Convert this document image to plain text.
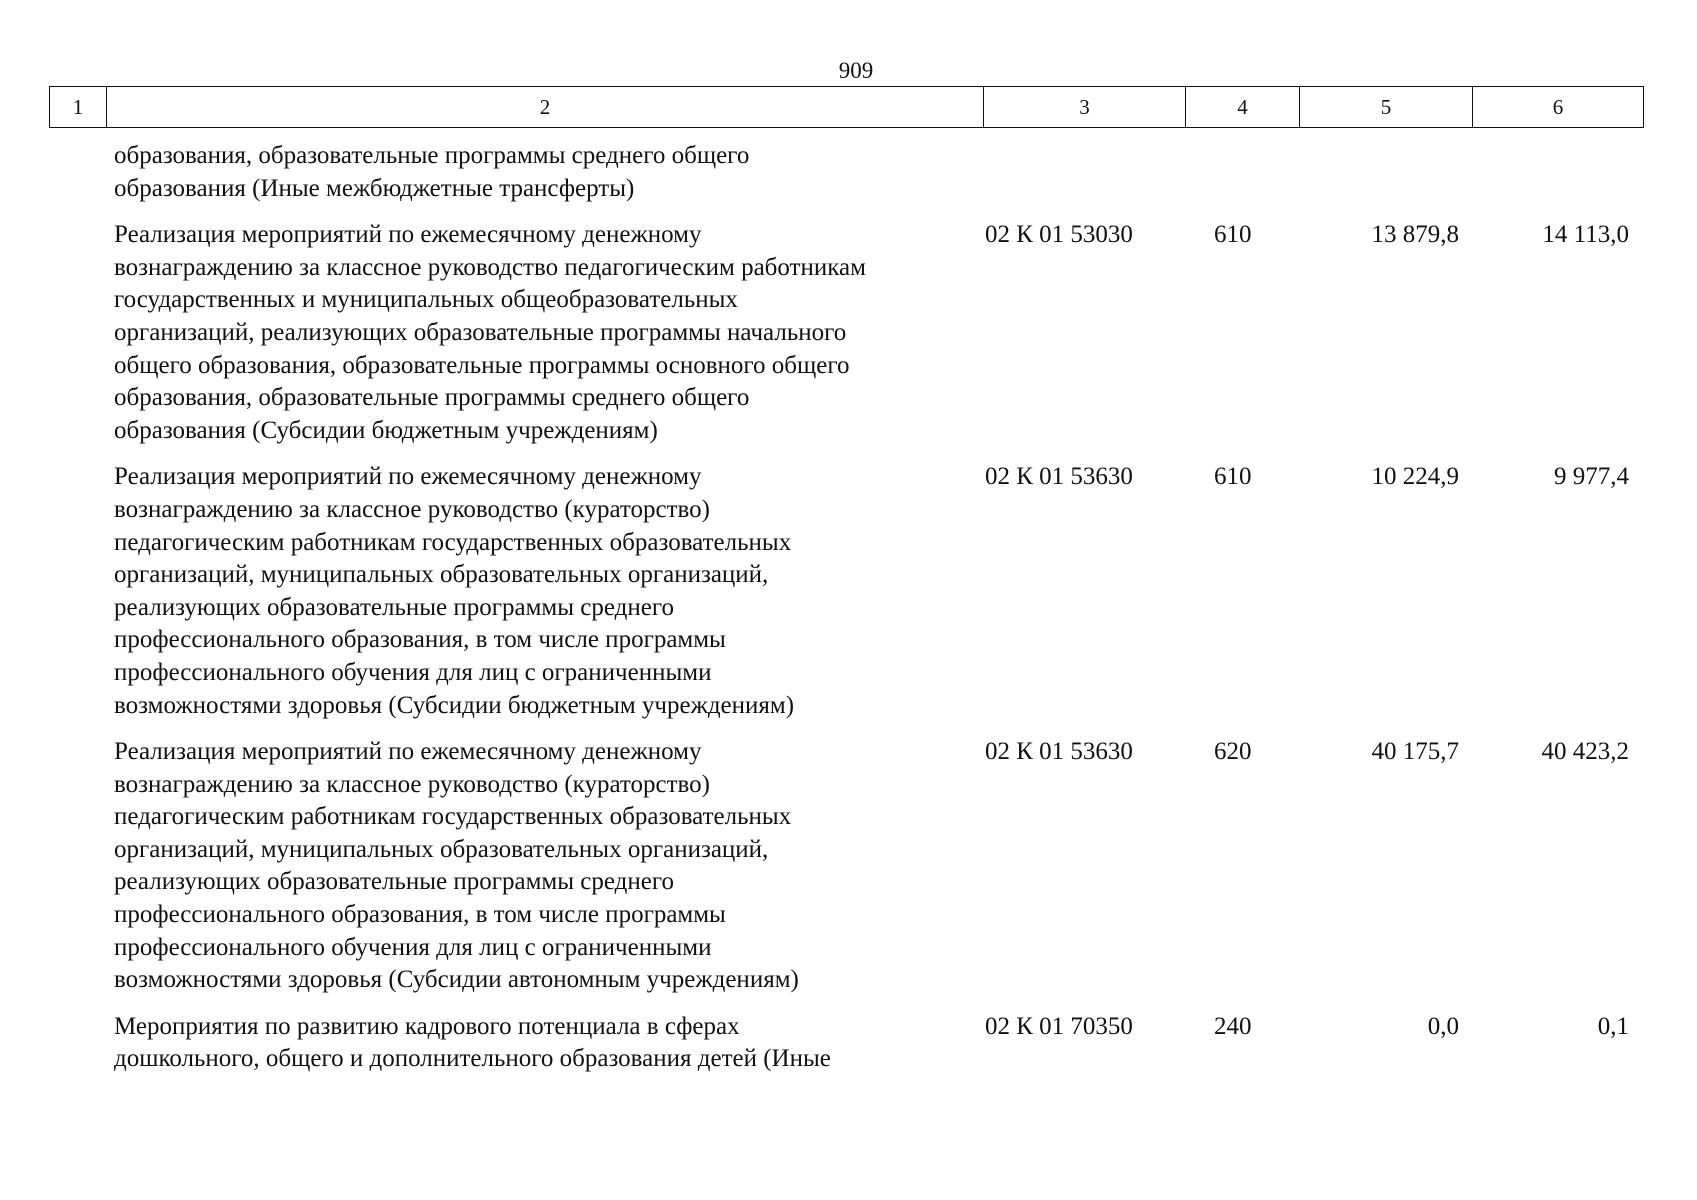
909
1	2	3	4	5	6
образования, образовательные программы среднего общего
образования (Иные межбюджетные трансферты)
Реализация мероприятий по ежемесячному денежному
вознаграждению за классное руководство педагогическим работникам
государственных и муниципальных общеобразовательных
организаций, реализующих образовательные программы начального
общего образования, образовательные программы основного общего
образования, образовательные программы среднего общего
образования (Субсидии бюджетным учреждениям)
02 К 01 53030	610	13 879,8	14 113,0
Реализация мероприятий по ежемесячному денежному
вознаграждению за классное руководство (кураторство)
педагогическим работникам государственных образовательных
организаций, муниципальных образовательных организаций,
реализующих образовательные программы среднего
профессионального образования, в том числе программы
профессионального обучения для лиц с ограниченными
возможностями здоровья (Субсидии бюджетным учреждениям)
02 К 01 53630	610	10 224,9	9 977,4
Реализация мероприятий по ежемесячному денежному
вознаграждению за классное руководство (кураторство)
педагогическим работникам государственных образовательных
организаций, муниципальных образовательных организаций,
реализующих образовательные программы среднего
профессионального образования, в том числе программы
профессионального обучения для лиц с ограниченными
возможностями здоровья (Субсидии автономным учреждениям)
02 К 01 53630	620	40 175,7	40 423,2
Мероприятия по развитию кадрового потенциала в сферах
дошкольного, общего и дополнительного образования детей (Иные
02 К 01 70350	240	0,0	0,1
